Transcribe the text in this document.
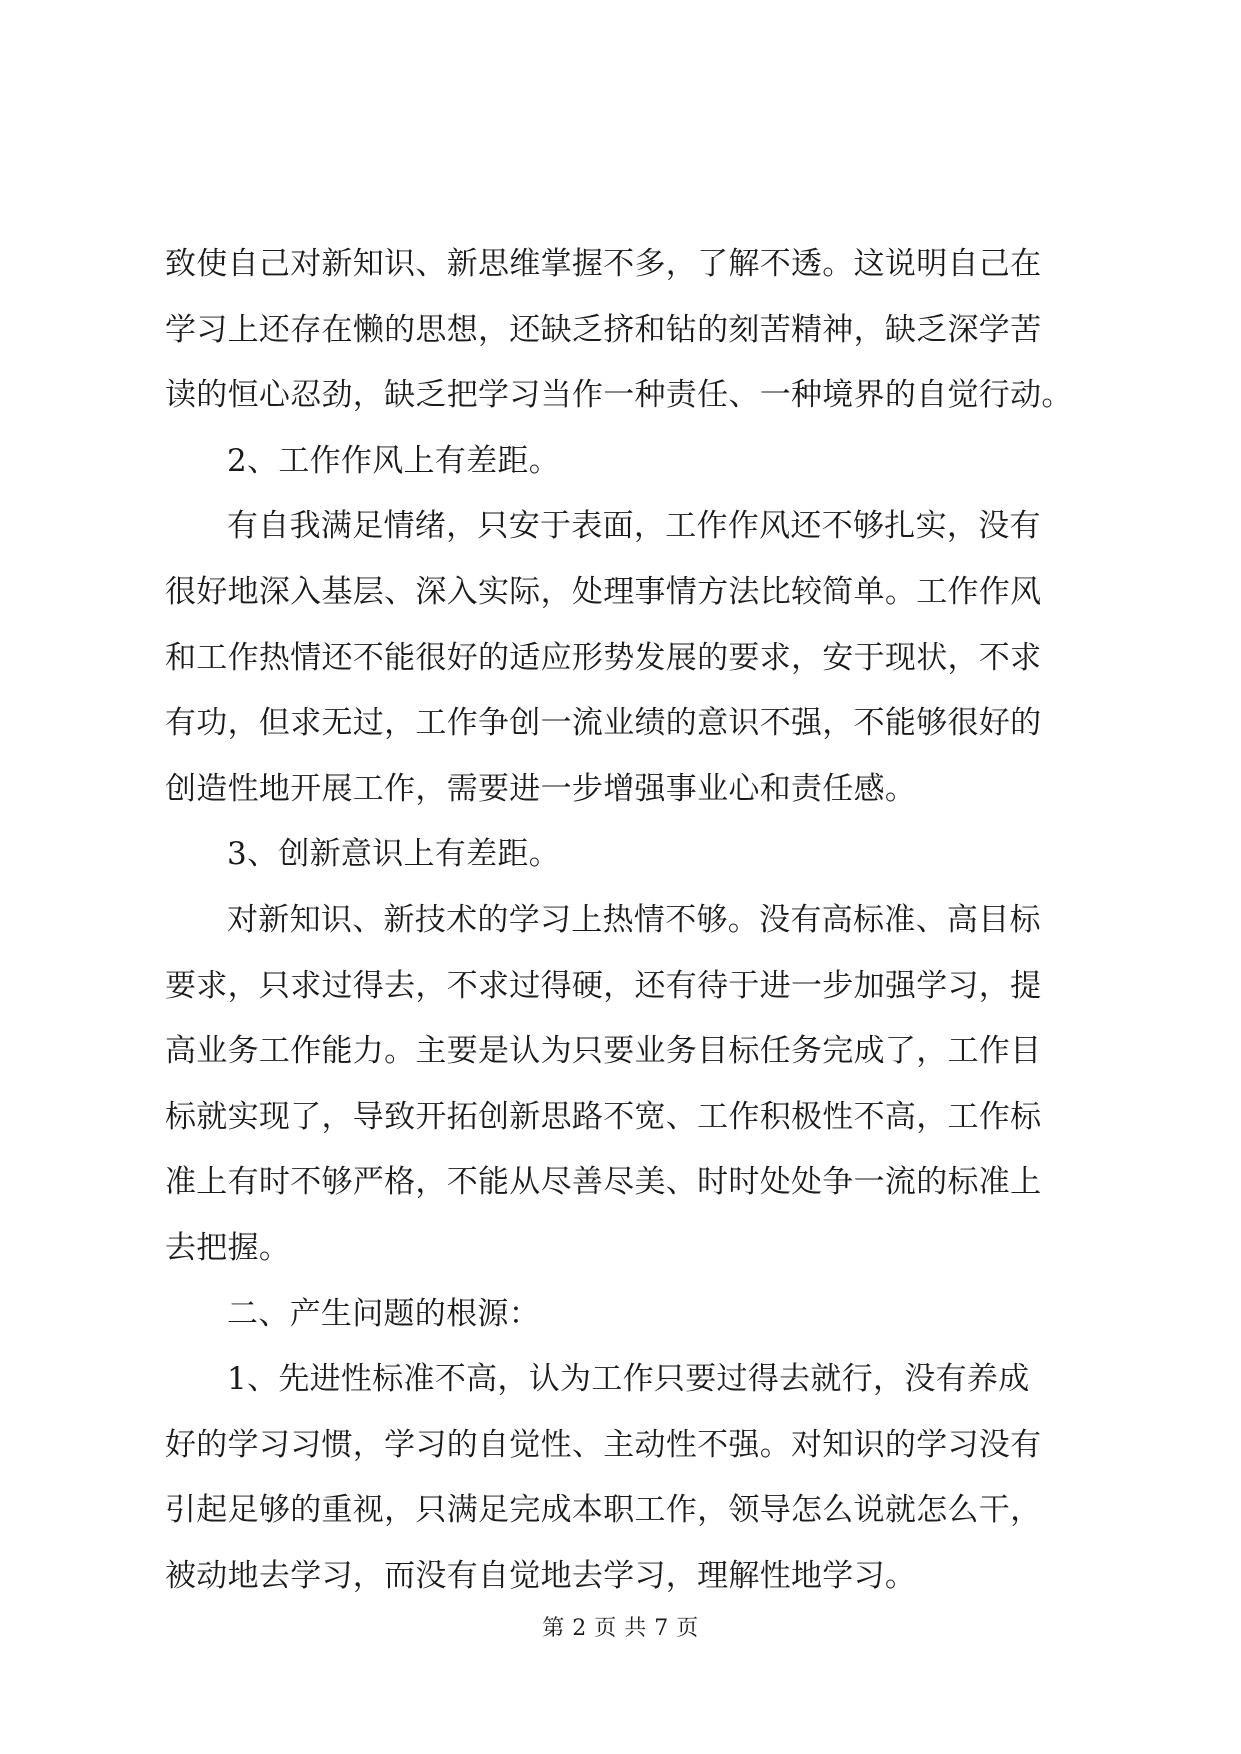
致使自己对新知识、新思维掌握不多，了解不透。这说明自己在
学习上还存在懒的思想，还缺乏挤和钻的刻苦精神，缺乏深学苦
读的恒心忍劲，缺乏把学习当作一种责任、一种境界的自觉行动。
2、工作作风上有差距。
有自我满足情绪，只安于表面，工作作风还不够扎实，没有
很好地深入基层、深入实际，处理事情方法比较简单。工作作风
和工作热情还不能很好的适应形势发展的要求，安于现状，不求
有功，但求无过，工作争创一流业绩的意识不强，不能够很好的
创造性地开展工作，需要进一步增强事业心和责任感。
3、创新意识上有差距。
对新知识、新技术的学习上热情不够。没有高标准、高目标
要求，只求过得去，不求过得硬，还有待于进一步加强学习，提
高业务工作能力。主要是认为只要业务目标任务完成了，工作目
标就实现了，导致开拓创新思路不宽、工作积极性不高，工作标
准上有时不够严格，不能从尽善尽美、时时处处争一流的标准上
去把握。
二、产生问题的根源：
1、先进性标准不高，认为工作只要过得去就行，没有养成
好的学习习惯，学习的自觉性、主动性不强。对知识的学习没有
引起足够的重视，只满足完成本职工作，领导怎么说就怎么干，
被动地去学习，而没有自觉地去学习，理解性地学习。
第 2 页 共 7 页
